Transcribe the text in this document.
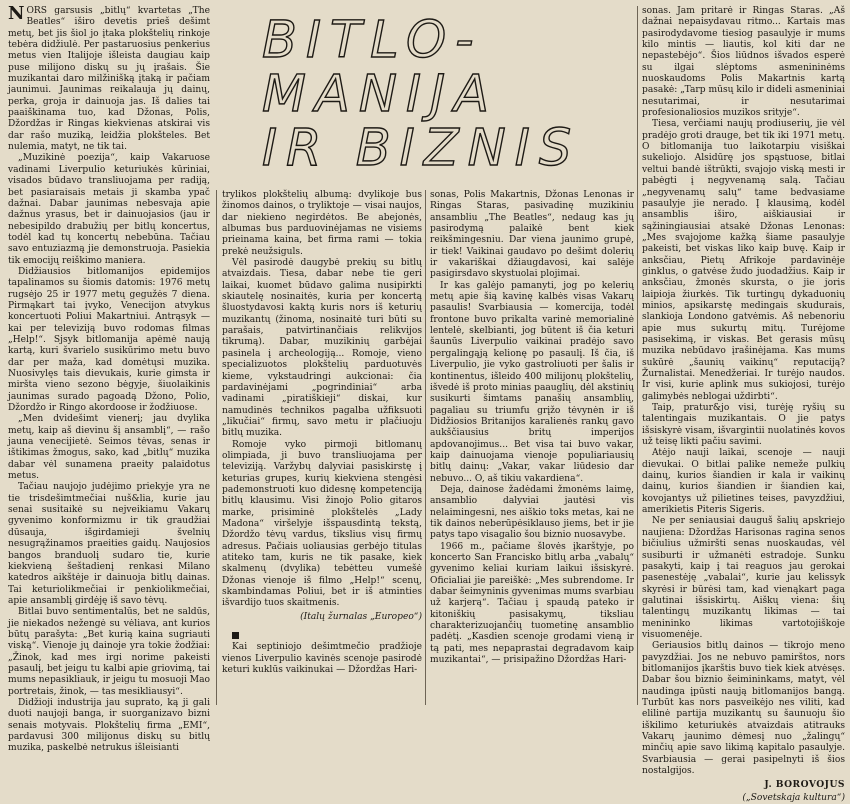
NORS garsusis „bitlų“ kvartetas „The Beatles“ iširo devetis prieš dešimt metų, bet jis šiol jo įtaka plokštelių rinkoje tebėra didžiulė. Per pastaruosius penkerius metus vien Italijoje išleista daugiau kaip puse milijono diskų su jų įrašais. Šie muzikantai daro milžinišką įtaką ir pačiam jaunimui. Jaunimas reikalauja jų dainų, perka, groja ir dainuoja jas. Iš dalies tai paaiškinama tuo, kad Džonas, Polis, Džordžas ir Ringas kiekvienas atskirai vis dar rašo muziką, leidžia plokšteles. Bet nulemia, matyt, ne tik tai.

„Muzikinė poezija“, kaip Vakaruose vadinami Liverpulio keturiukės kūriniai, visados būdavo transliuojama per radiją, bet pasiaraisais metais ji skamba ypač dažnai. Dabar jaunimas nebesvaja apie dažnus yrasus, bet ir dainuojasios (jau ir nebesipildo drabužių per bitlų koncertus, todėl kad tų koncertų nebebūna. Tačiau savo entuziazmą jie demonstruoja. Pasiekia tik emocijų reiškimo maniera.

Didžiausios bitlomanijos epidemijos tapalinamos su šiomis datomis: 1976 metų rugsėjo 25 ir 1977 metų gegužės 7 diena. Pirmąkart tai įvyko, Venecijon atvykus koncertuoti Poliui Makartniui. Antrąsyk — kai per televiziją buvo rodomas filmas „Help!“. Sjsyk bitlomanija apėmė naują kartą, kuri švarielo susikūrimo metu buvo dar per maža, kad domėtųsi muzika. Nuosivylęs tais dievukais, kurie gimsta ir miršta vieno sezono bėgyje, šiuolaikinis jaunimas surado pagoadą Džono, Polio, Džordžo ir Ringo akordoose ir žodžiuose.

„Men dvidešimt vienerį; jau dvylika metų, kaip aš dievinu šį ansamblį“, — rašo jauna venecijietė. Seimos tėvas, senas ir ištikimas žmogus, sako, kad „bitlų“ muzika dabar vėl sunamena praeity palaidotus metus.

Tačiau naujojo judėjimo priekyje yra ne tie trisdešimtmečiai nuš&lia, kurie jau senai susitaikė su nejveikiamu Vakarų gyvenimo konformizmu ir tik graudžiai dūsauja, išgirdamieji švelnių nesugrąžinamos praeities gaidų. Naujosios bangos branduolį sudaro tie, kurie kiekvieną šeštadienį renkasi Milano katedros aikštėje ir dainuoja bitlų dainas. Tai keturiolikmečiai ir penkiolikmečiai, apie ansamblį girdėję iš savo tėvų.

Bitlai buvo sentimentalūs, bet ne saldūs, jie niekados nežengė su vėliava, ant kurios būtų parašyta: „Bet kurią kaina sugriauti viską“. Vienoje jų dainoje yra tokie žodžiai: „Žinok, kad mes irgi norime pakeisti pasaulį, bet jeigu tu kalbi apie griovimą, tai mums nepasikliauk, ir jeigu tu mosuoji Mao portretais, žinok, — tas mesikliausyi“.

Didžioji industrija jau suprato, ką ji gali duoti naujoji banga, ir suorganizavo bizni senais motyvais. Plokštelių firma „EMI“, pardavusi 300 milijonus diskų su bitlų muzika, paskelbė netrukus išleisianti

BITLO-
MANIJA
IR BIZNIS

trylikos plokštelių albumą: dvylikoje bus žinomos dainos, o tryliktoje — visai naujos, dar niekieno negirdėtos. Be abejonės, albumas bus parduovinėjamas ne visiems prieinama kaina, bet firma rami — tokia prekė neužsiguls.

Vėl pasirodė daugybė prekių su bitlų atvaizdais. Tiesa, dabar nebe tie geri laikai, kuomet būdavo galima nusipirkti skiautelę nosinaitės, kuria per koncertą šluostydavosi kaktą kuris nors iš keturių muzikantų (žinoma, nosinaitė turi būti su parašais, patvirtinančiais relikvijos tikrumą). Dabar, muzikinių garbėjai pasinela į archeologiją... Romoje, vieno specializuotos plokštelių parduotuvės kieme, vykstaudringi aukcionai: čia pardavinėjami „pogrindiniai“ arba vadinami „piratiškieji“ diskai, kur namudinės technikos pagalba užfiksuoti „likučiai“ firmų, savo metu ir plačiuoju bitlų muzika.

Romoje vyko pirmoji bitlomanų olimpiada, ji buvo transliuojama per televiziją. Varžybų dalyviai pasiskirstę į keturias grupes, kurių kiekviena stengėsi pademonstruoti kuo didesnę kompetenciją bitlų klausimu. Visi žinojo Polio gitaros marke, prisiminė plokštelės „Lady Madona“ viršelyje išspausdintą tekstą, Džordžo tėvų vardus, tikslius visų firmų adresus. Pačiais uoliausias gerbėjo titulas atiteko tam, kuris ne tik pasake, kiek skalmenų (dvylika) tebėtteu vumešė Džonas vienoje iš filmo „Help!“ scenų, skambindamas Poliui, bet ir iš atminties išvardijo tuos skaitmenis.

(Italų žurnalas „Europeo“)

Kai septiniojo dešimtmečio pradžioje vienos Liverpulio kavinės scenoje pasirodė keturi kuklūs vaikinukai — Džordžas Hari-

sonas, Polis Makartnis, Džonas Lenonas ir Ringas Staras, pasivadinę muzikiniu ansambliu „The Beatles“, nedaug kas jų pasirodymą palaikė bent kiek reikšmingesniu. Dar viena jaunimo grupė, ir tiek! Vaikinai gaudavo po dešimt dolerių ir vakariškai džiaugdavosi, kai salėje pasigirsdavo skystuolai plojimai.

Ir kas galėjo pamanyti, jog po kelerių metų apie šią kavinę kalbės visas Vakarų pasaulis! Svarbiausia — komercija, todėl frontone buvo prikalta varinė memorialinė lentelė, skelbianti, jog būtent iš čia keturi šaunūs Liverpulio vaikinai pradėjo savo pergalingąją kelionę po pasaulį. Iš čia, iš Liverpulio, jie vyko gastroliuoti per šalis ir kontinentus, išleido 400 milijonų plokštelių, išvedė iš proto minias paauglių, dėl akstinių susikurti šimtams panašių ansamblių, pagaliau su triumfu grįžo tėvynėn ir iš Didžiosios Britanijos karalienės rankų gavo aukščiausius britų imperijos apdovanojimus... Bet visa tai buvo vakar, kaip dainuojama vienoje populiariausių bitlų dainų: „Vakar, vakar liūdesio dar nebuvo... O, aš tikiu vakardiena“.

Deja, dainose žadėdami žmonėms laimę, ansamblio dalyviai jautėsi vis nelaimingesni, nes aiškio toks metas, kai ne tik dainos neberūpėsiklauso jiems, bet ir jie patys tapo visagalio šou biznio nuosavybe.

1966 m., pačiame šlovės įkarštyje, po koncerto San Francisko bitlų arba „vabalų“ gyvenimo keliai kuriam laikui išsiskyrė. Oficialiai jie pareiškė: „Mes subrendome. Ir dabar šeimyninis gyvenimas mums svarbiau už karjerą“. Tačiau į spaudą pateko ir kitoniškių pasisakymų, tiksliau charakterizuojančių tuometinę ansamblio padėtį. „Kasdien scenoje grodami vieną ir tą pati, mes nepaprastai degradavom kaip muzikantai“, — prisipažino Džordžas Hari-

sonas. Jam pritarė ir Ringas Staras. „Aš dažnai nepaisydavau ritmo... Kartais mas pasirodydavome tiesiog pasaulyje ir mums kilo mintis — liautis, kol kiti dar ne nepastebėjo“. Šios liūdnos išvados esperė su ilgai slėptoms asmenininėms nuoskaudoms Polis Makartnis kartą pasakė: „Tarp mūsų kilo ir dideli asmeniniai nesutarimai, ir nesutarimai profesionaliosios muzikos srityje“.

Tiesa, verčiami naujų prodiuserių, jie vėl pradėjo groti drauge, bet tik iki 1971 metų. O bitlomanija tuo laikotarpiu visiškai sukeliojo. Alsidūrę jos spąstuose, bitlai veltui bandė ištrūkti, svajojo viską mesti ir pabėgti į negyvenamą salą. Tačiau „negyvenamų salų“ tame bedvasiame pasaulyje jie nerado. Į klausimą, kodėl ansamblis iširo, aiškiausiai ir sąžiningiausiai atsakė Džonas Lenonas: „Mes svajojome kažką šiame pasaulyje pakeisti, bet viskas liko kaip buvę. Kaip ir anksčiau, Pietų Afrikoje pardavinėje ginklus, o gatvėse žudo juodadžius. Kaip ir anksčiau, žmonės skursta, o jie joris laipioja žiurkės. Tik turtingų dykaduonių minios, apsikarstę medingais skudurais, slankioja Londono gatvėmis. Aš nebenoriu apie mus sukurtų mitų. Turėjome pasisekimą, ir viskas. Bet gerasis mūsų muzika nebūdavo įrašinėjama. Kas mums sukūrė „šaunių vaikinų“ reputaciją? Žurnalistai. Menedžeriai. Ir turėjo naudos. Ir visi, kurie aplink mus sukiojosi, turėjo galimybės neblogai uždirbti“.

Taip, pratur&jo visi, turėję ryšių su talentingais muzikantais. O jie patys išsiskyrė visam, išvargintii nuolatinės kovos už teisę likti pačiu savimi.

Atėjo nauji laikai, scenoje — nauji dievukai. O bitlai palike nemeže pulkių dainų, kurios šiandien ir kala ir vaikinų dainų, kurios šiandien ir šiandien kai, kovojantys už pilietines teises, pavyzdžiui, amerikietis Piteris Sigeris.

Ne per seniausiai dauguš šalių apskriejo naujiena: Džordžas Harisonas ragina senos bičiulius užmiršti senas nuoskaudas, vėl susiburti ir užmanėti estradoje. Sunku pasakyti, kaip į tai reaguos jau gerokai pasenestėję „vabalai“, kurie jau kelissyk skyrėsi ir būrėsi tam, kad vienąkart paga galutinai išsiskirtų. Aiškų viena: šių talentingų muzikantų likimas — tai menininko likimas vartotojiškoje visuomenėje.

Geriausios bitlų dainos — tikrojo meno pavyzdžiai. Jos ne nebuvo pamirštos, nors bitlomanijos įkarštis buvo tiek kiek atvėsęs. Dabar šou biznio šeimininkams, matyt, vėl naudinga įpūsti naują bitlomanijos bangą. Turbūt kas nors pasveikėjo nes viliti, kad elilinė partija muzikantų su šaunuoju šio iškilimo keturiukės atvaizdais atitrauks Vakarų jaunimo dėmesį nuo „žalingų“ minčių apie savo likimą kapitalo pasaulyje. Svarbiausia — gerai pasipelnyti iš šios nostalgijos.

J. BOROVOJUS
(„Sovetskaja kultura“)
